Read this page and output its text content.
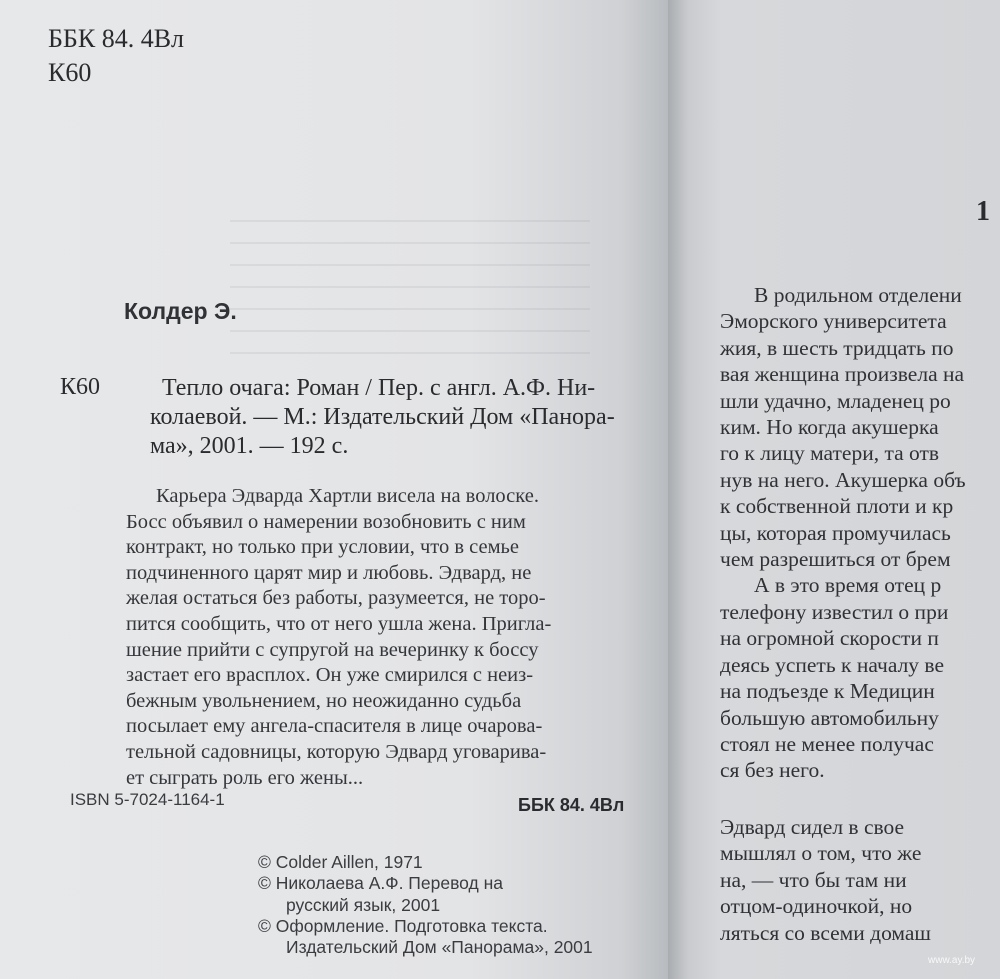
ББК 84. 4Вл
К60
Колдер Э.
К60	Тепло очага: Роман / Пер. с англ. А.Ф. Ни-
колаевой. — М.: Издательский Дом «Панора-
ма», 2001. — 192 с.
Карьера Эдварда Хартли висела на волоске.
Босс объявил о намерении возобновить с ним
контракт, но только при условии, что в семье
подчиненного царят мир и любовь. Эдвард, не
желая остаться без работы, разумеется, не торо-
пится сообщить, что от него ушла жена. Пригла-
шение прийти с супругой на вечеринку к боссу
застает его врасплох. Он уже смирился с неиз-
бежным увольнением, но неожиданно судьба
посылает ему ангела-спасителя в лице очарова-
тельной садовницы, которую Эдвард уговарива-
ет сыграть роль его жены...
ISBN 5-7024-1164-1	ББК 84. 4Вл
© Colder Aillen, 1971
© Николаева А.Ф. Перевод на
русский язык, 2001
© Оформление. Подготовка текста.
Издательский Дом «Панорама», 2001
1
В родильном отделени
Эморского университета
жия, в шесть тридцать по
вая женщина произвела на
шли удачно, младенец ро
ким. Но когда акушерка
го к лицу матери, та отв
нув на него. Акушерка объ
к собственной плоти и кр
цы, которая промучилась
чем разрешиться от брем
А в это время отец р
телефону известил о при
на огромной скорости п
деясь успеть к началу ве
на подъезде к Медицин
большую автомобильну
стоял не менее получас
ся без него.
Эдвард сидел в свое
мышлял о том, что же
на, — что бы там ни
отцом-одиночкой, но
ляться со всеми домаш
www.ay.by
